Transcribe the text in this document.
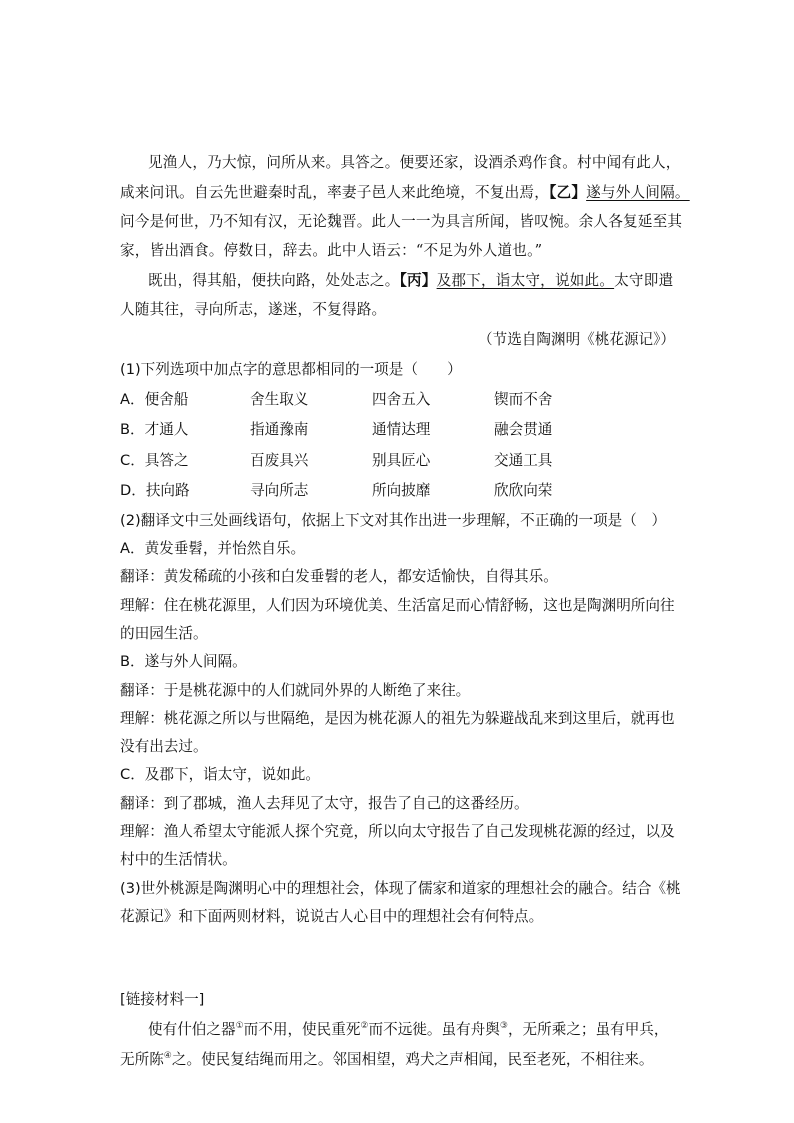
见渔人，乃大惊，问所从来。具答之。便要还家，设酒杀鸡作食。村中闻有此人，
咸来问讯。自云先世避秦时乱，率妻子邑人来此绝境，不复出焉，【乙】遂与外人间隔。
问今是何世，乃不知有汉，无论魏晋。此人一一为具言所闻，皆叹惋。余人各复延至其
家，皆出酒食。停数日，辞去。此中人语云：“不足为外人道也。”
既出，得其船，便扶向路，处处志之。【丙】及郡下，诣太守，说如此。太守即遣
人随其往，寻向所志，遂迷，不复得路。
（节选自陶渊明《桃花源记》）
(1)下列选项中加点字的意思都相同的一项是（　　）
A．便舍船	舍生取义	四舍五入	锲而不舍
B．才通人	指通豫南	通情达理	融会贯通
C．具答之	百废具兴	别具匠心	交通工具
D．扶向路	寻向所志	所向披靡	欣欣向荣
(2)翻译文中三处画线语句，依据上下文对其作出进一步理解，不正确的一项是（　）
A．黄发垂髫，并怡然自乐。
翻译：黄发稀疏的小孩和白发垂髫的老人，都安适愉快，自得其乐。
理解：住在桃花源里，人们因为环境优美、生活富足而心情舒畅，这也是陶渊明所向往
的田园生活。
B．遂与外人间隔。
翻译：于是桃花源中的人们就同外界的人断绝了来往。
理解：桃花源之所以与世隔绝，是因为桃花源人的祖先为躲避战乱来到这里后，就再也
没有出去过。
C．及郡下，诣太守，说如此。
翻译：到了郡城，渔人去拜见了太守，报告了自己的这番经历。
理解：渔人希望太守能派人探个究竟，所以向太守报告了自己发现桃花源的经过，以及
村中的生活情状。
(3)世外桃源是陶渊明心中的理想社会，体现了儒家和道家的理想社会的融合。结合《桃
花源记》和下面两则材料，说说古人心目中的理想社会有何特点。
[链接材料一]
使有什伯之器①而不用，使民重死②而不远徙。虽有舟舆③，无所乘之；虽有甲兵，
无所陈④之。使民复结绳而用之。邻国相望，鸡犬之声相闻，民至老死，不相往来。
